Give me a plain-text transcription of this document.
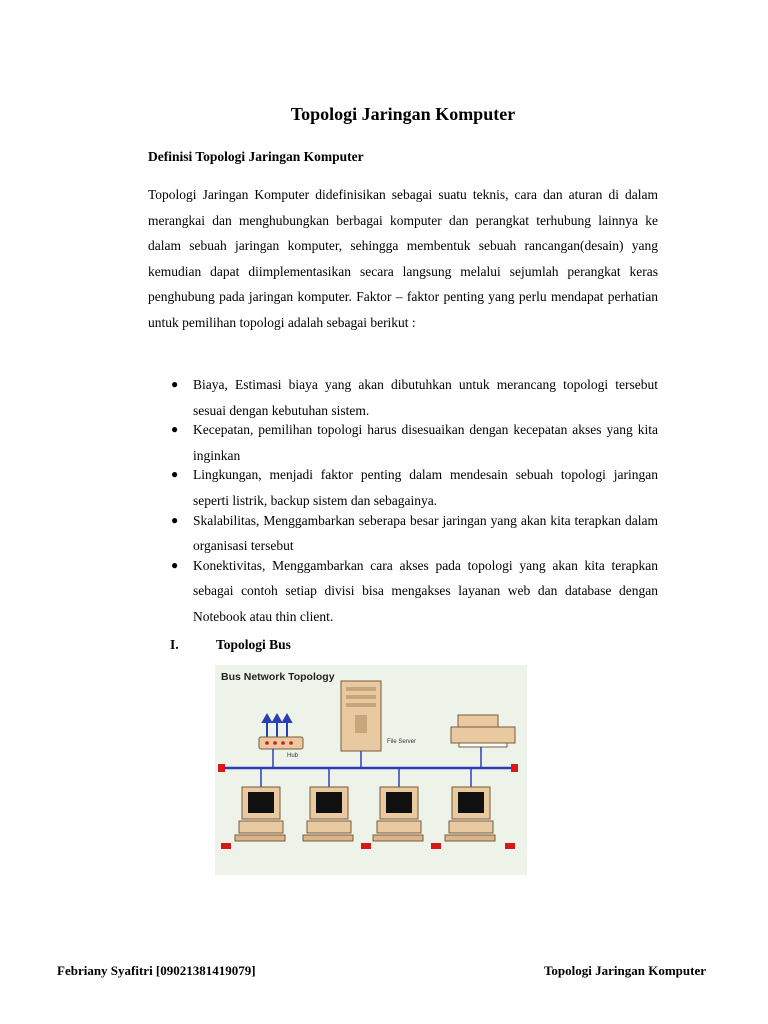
Topologi Jaringan Komputer
Definisi Topologi Jaringan Komputer

Topologi Jaringan Komputer didefinisikan sebagai suatu teknis, cara dan aturan di dalam merangkai dan menghubungkan berbagai komputer dan perangkat terhubung lainnya ke dalam sebuah jaringan komputer, sehingga membentuk sebuah rancangan(desain) yang kemudian dapat diimplementasikan secara langsung melalui sejumlah perangkat keras penghubung pada jaringan komputer. Faktor – faktor penting yang perlu mendapat perhatian untuk pemilihan topologi adalah sebagai berikut :

● Biaya, Estimasi biaya yang akan dibutuhkan untuk merancang topologi tersebut sesuai dengan kebutuhan sistem.
● Kecepatan, pemilihan topologi harus disesuaikan dengan kecepatan akses yang kita inginkan
● Lingkungan, menjadi faktor penting dalam mendesain sebuah topologi jaringan seperti listrik, backup sistem dan sebagainya.
● Skalabilitas, Menggambarkan seberapa besar jaringan yang akan kita terapkan dalam organisasi tersebut
● Konektivitas, Menggambarkan cara akses pada topologi yang akan kita terapkan sebagai contoh setiap divisi bisa mengakses layanan web dan database dengan Notebook atau thin client.
I.	Topologi Bus
Bus Network Topology
Hub
File Server
Febriany Syafitri [09021381419079]	Topologi Jaringan Komputer
